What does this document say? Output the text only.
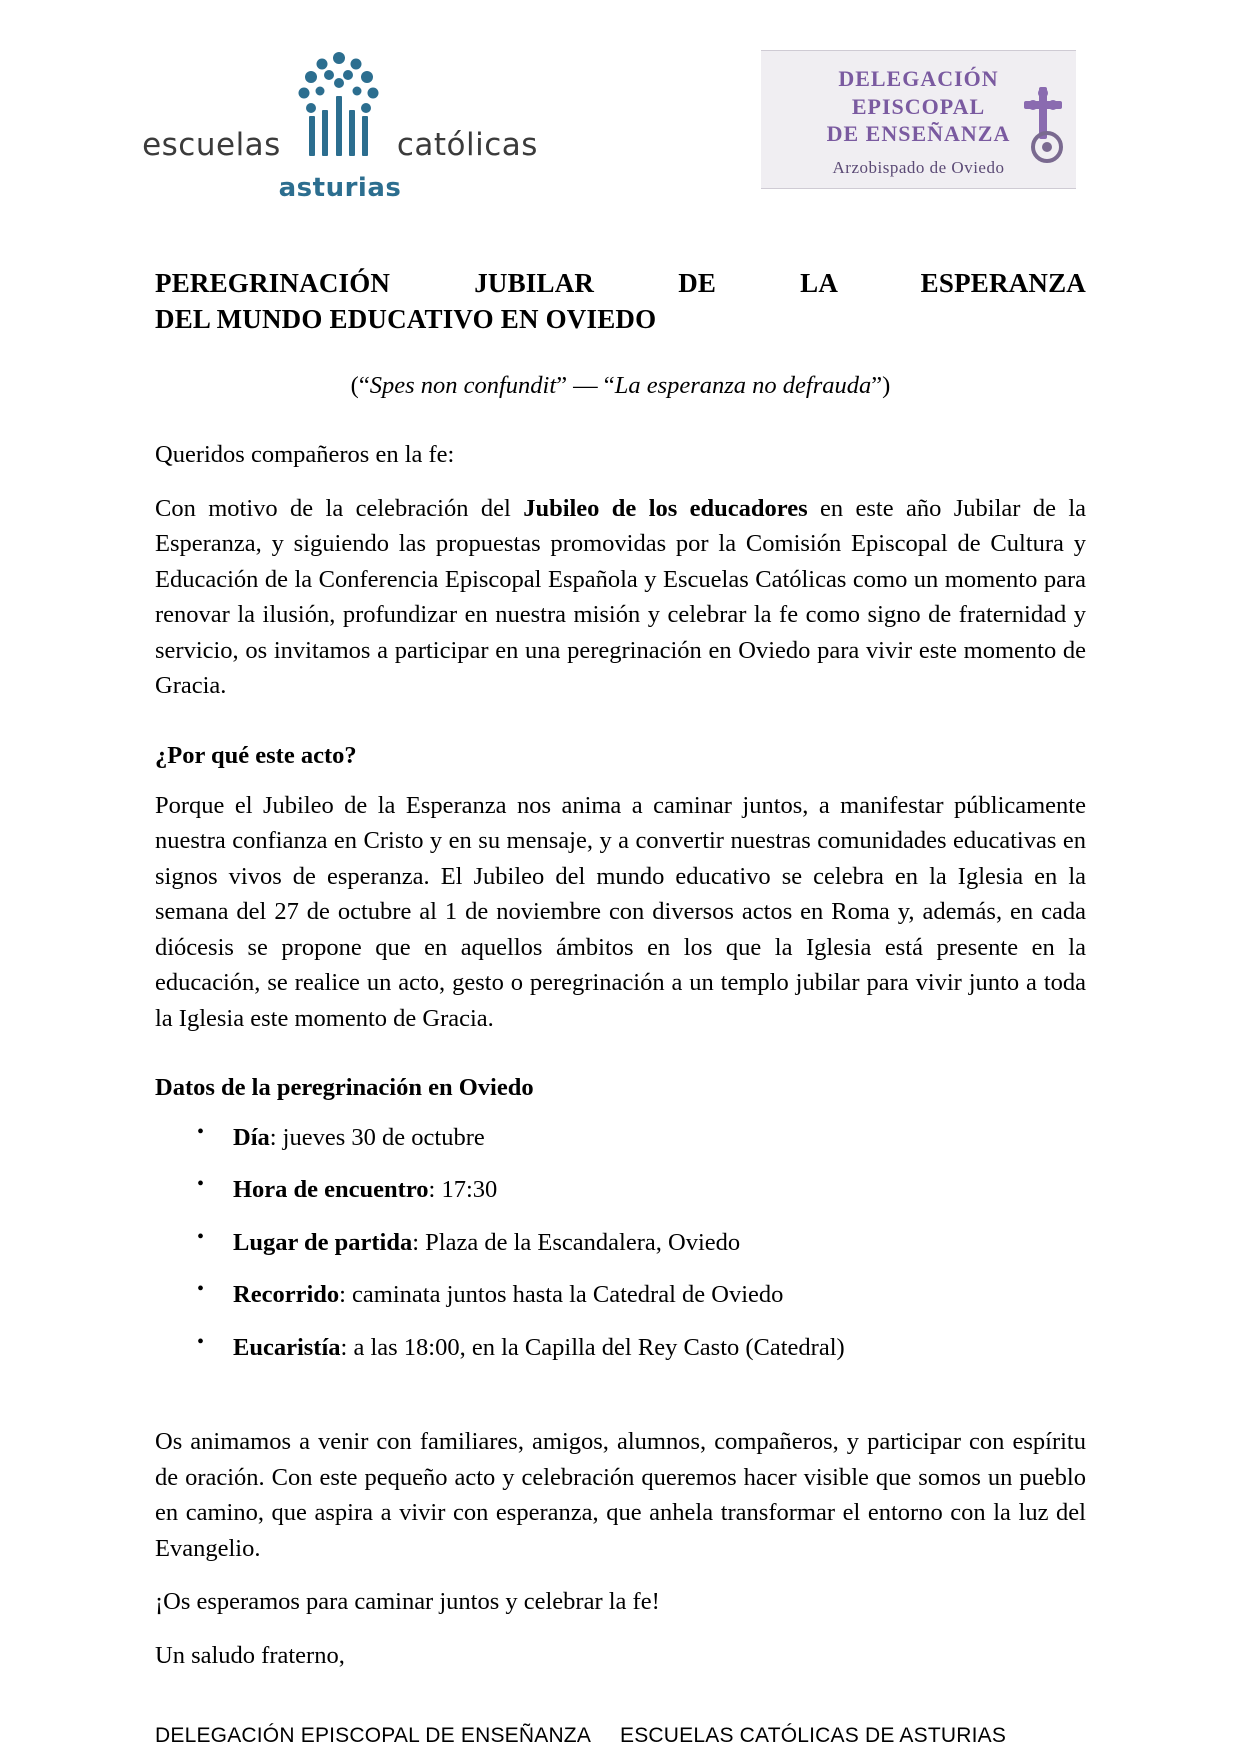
escuelas	católicas
asturias
DELEGACIÓN EPISCOPAL
DE ENSEÑANZA
Arzobispado de Oviedo
PEREGRINACIÓN JUBILAR DE LA ESPERANZA
DEL MUNDO EDUCATIVO EN OVIEDO
(“Spes non confundit” — “La esperanza no defrauda”)

Queridos compañeros en la fe:

Con motivo de la celebración del Jubileo de los educadores en este año Jubilar de la Esperanza, y siguiendo las propuestas promovidas por la Comisión Episcopal de Cultura y Educación de la Conferencia Episcopal Española y Escuelas Católicas como un momento para renovar la ilusión, profundizar en nuestra misión y celebrar la fe como signo de fraternidad y servicio, os invitamos a participar en una peregrinación en Oviedo para vivir este momento de Gracia.

¿Por qué este acto?

Porque el Jubileo de la Esperanza nos anima a caminar juntos, a manifestar públicamente nuestra confianza en Cristo y en su mensaje, y a convertir nuestras comunidades educativas en signos vivos de esperanza. El Jubileo del mundo educativo se celebra en la Iglesia en la semana del 27 de octubre al 1 de noviembre con diversos actos en Roma y, además, en cada diócesis se propone que en aquellos ámbitos en los que la Iglesia está presente en la educación, se realice un acto, gesto o peregrinación a un templo jubilar para vivir junto a toda la Iglesia este momento de Gracia.

Datos de la peregrinación en Oviedo
• Día: jueves 30 de octubre
• Hora de encuentro: 17:30
• Lugar de partida: Plaza de la Escandalera, Oviedo
• Recorrido: caminata juntos hasta la Catedral de Oviedo
• Eucaristía: a las 18:00, en la Capilla del Rey Casto (Catedral)

Os animamos a venir con familiares, amigos, alumnos, compañeros, y participar con espíritu de oración. Con este pequeño acto y celebración queremos hacer visible que somos un pueblo en camino, que aspira a vivir con esperanza, que anhela transformar el entorno con la luz del Evangelio.

¡Os esperamos para caminar juntos y celebrar la fe!

Un saludo fraterno,

DELEGACIÓN EPISCOPAL DE ENSEÑANZA	ESCUELAS CATÓLICAS DE ASTURIAS
